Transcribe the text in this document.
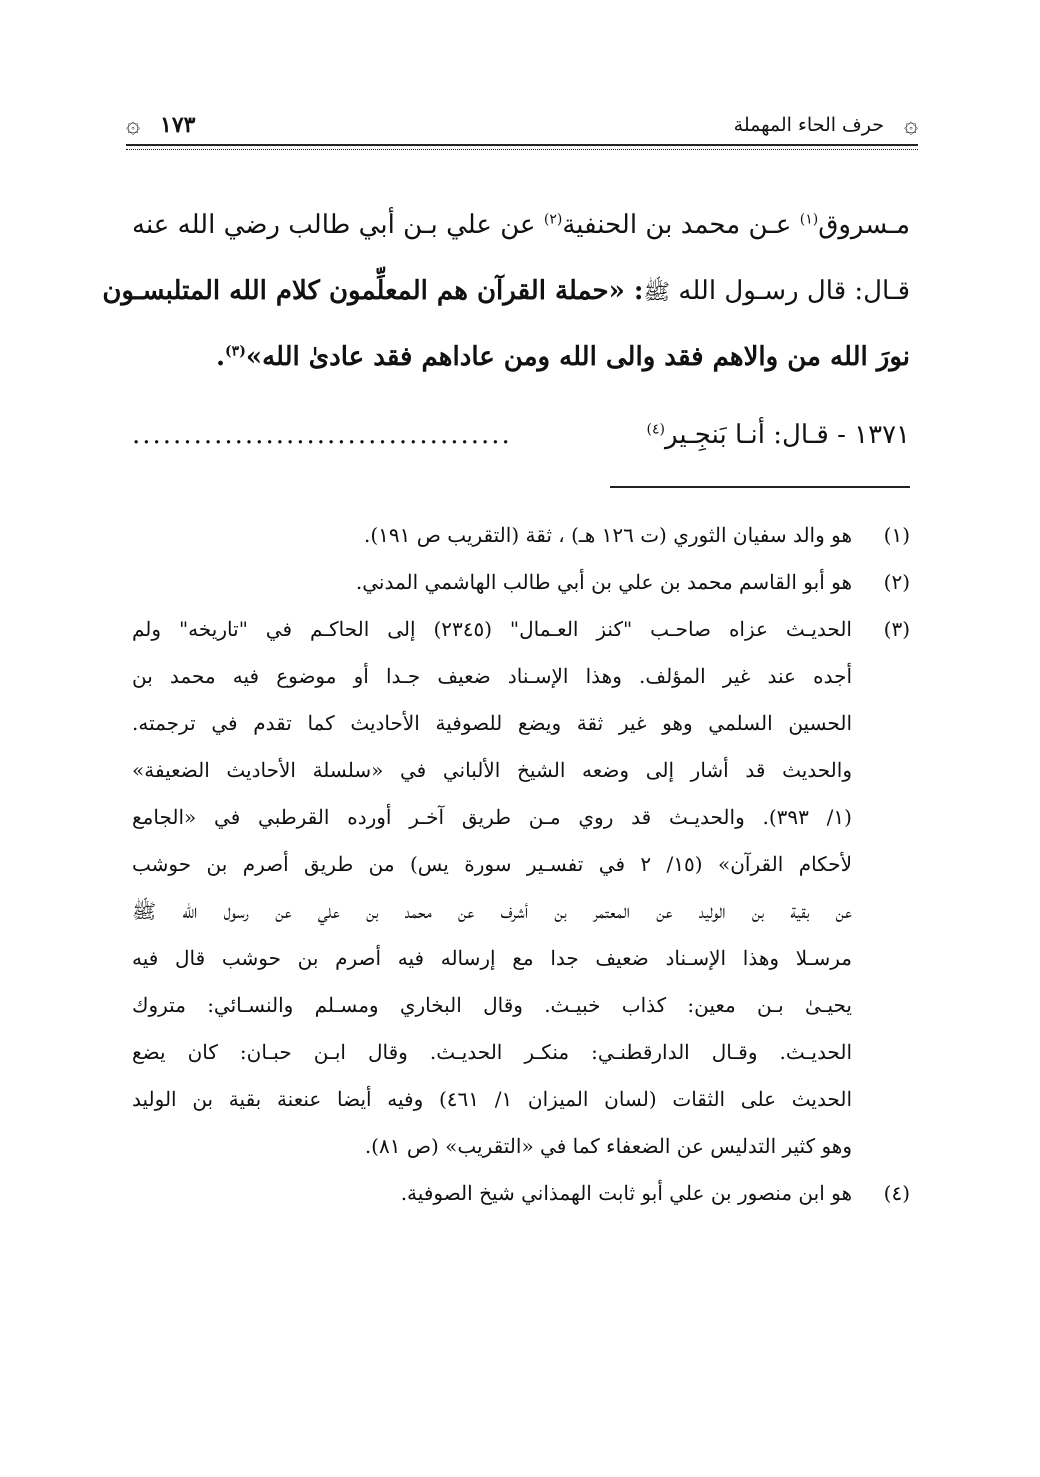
۞
حرف الحاء المهملة
١٧٣
۞
مـسروق$^{(١)}$ عـن محمد بن الحنفية$^{(٢)}$ عن علي بـن أبي طالب رضي الله عنه
قـال: قال رسـول الله ﷺ: «حملة القرآن هم المعلِّمون كلام الله المتلبسـون
نورَ الله من والاهم فقد والى الله ومن عاداهم فقد عادىٰ الله»$^{(٣)}$.
١٣٧١ - قـال: أنـا بَنجِـير$^{(٤)}$
.....................................
(١)
هو والد سفيان الثوري (ت ١٢٦ هـ) ، ثقة (التقريب ص ١٩١).
(٢)
هو أبو القاسم محمد بن علي بن أبي طالب الهاشمي المدني.
(٣)
الحديـث عزاه صاحـب "كنز العـمال" (٢٣٤٥) إلى الحاكـم في "تاريخه" ولم
أجده عند غير المؤلف. وهذا الإسـناد ضعيف جـدا أو موضوع فيه محمد بن
الحسين السلمي وهو غير ثقة ويضع للصوفية الأحاديث كما تقدم في ترجمته.
والحديث قد أشار إلى وضعه الشيخ الألباني في «سلسلة الأحاديث الضعيفة»
(١/ ٣٩٣). والحديـث قد روي مـن طريق آخـر أورده القرطبي في «الجامع
لأحكام القرآن» (١٥/ ٢ في تفسـير سورة يس) من طريق أصرم بن حوشب
عن بقية بن الوليد عن المعتمر بن أشرف عن محمد بن علي عن رسول الله ﷺ
مرسـلا وهذا الإسـناد ضعيف جدا مع إرساله فيه أصرم بن حوشب قال فيه
يحيـىٰ بـن معين: كذاب خبيـث. وقال البخاري ومسـلم والنسـائي: متروك
الحديـث. وقـال الدارقطنـي: منكـر الحديـث. وقال ابـن حبـان: كان يضع
الحديث على الثقات (لسان الميزان ١/ ٤٦١) وفيه أيضا عنعنة بقية بن الوليد
وهو كثير التدليس عن الضعفاء كما في «التقريب» (ص ٨١).
(٤)
هو ابن منصور بن علي أبو ثابت الهمذاني شيخ الصوفية.
